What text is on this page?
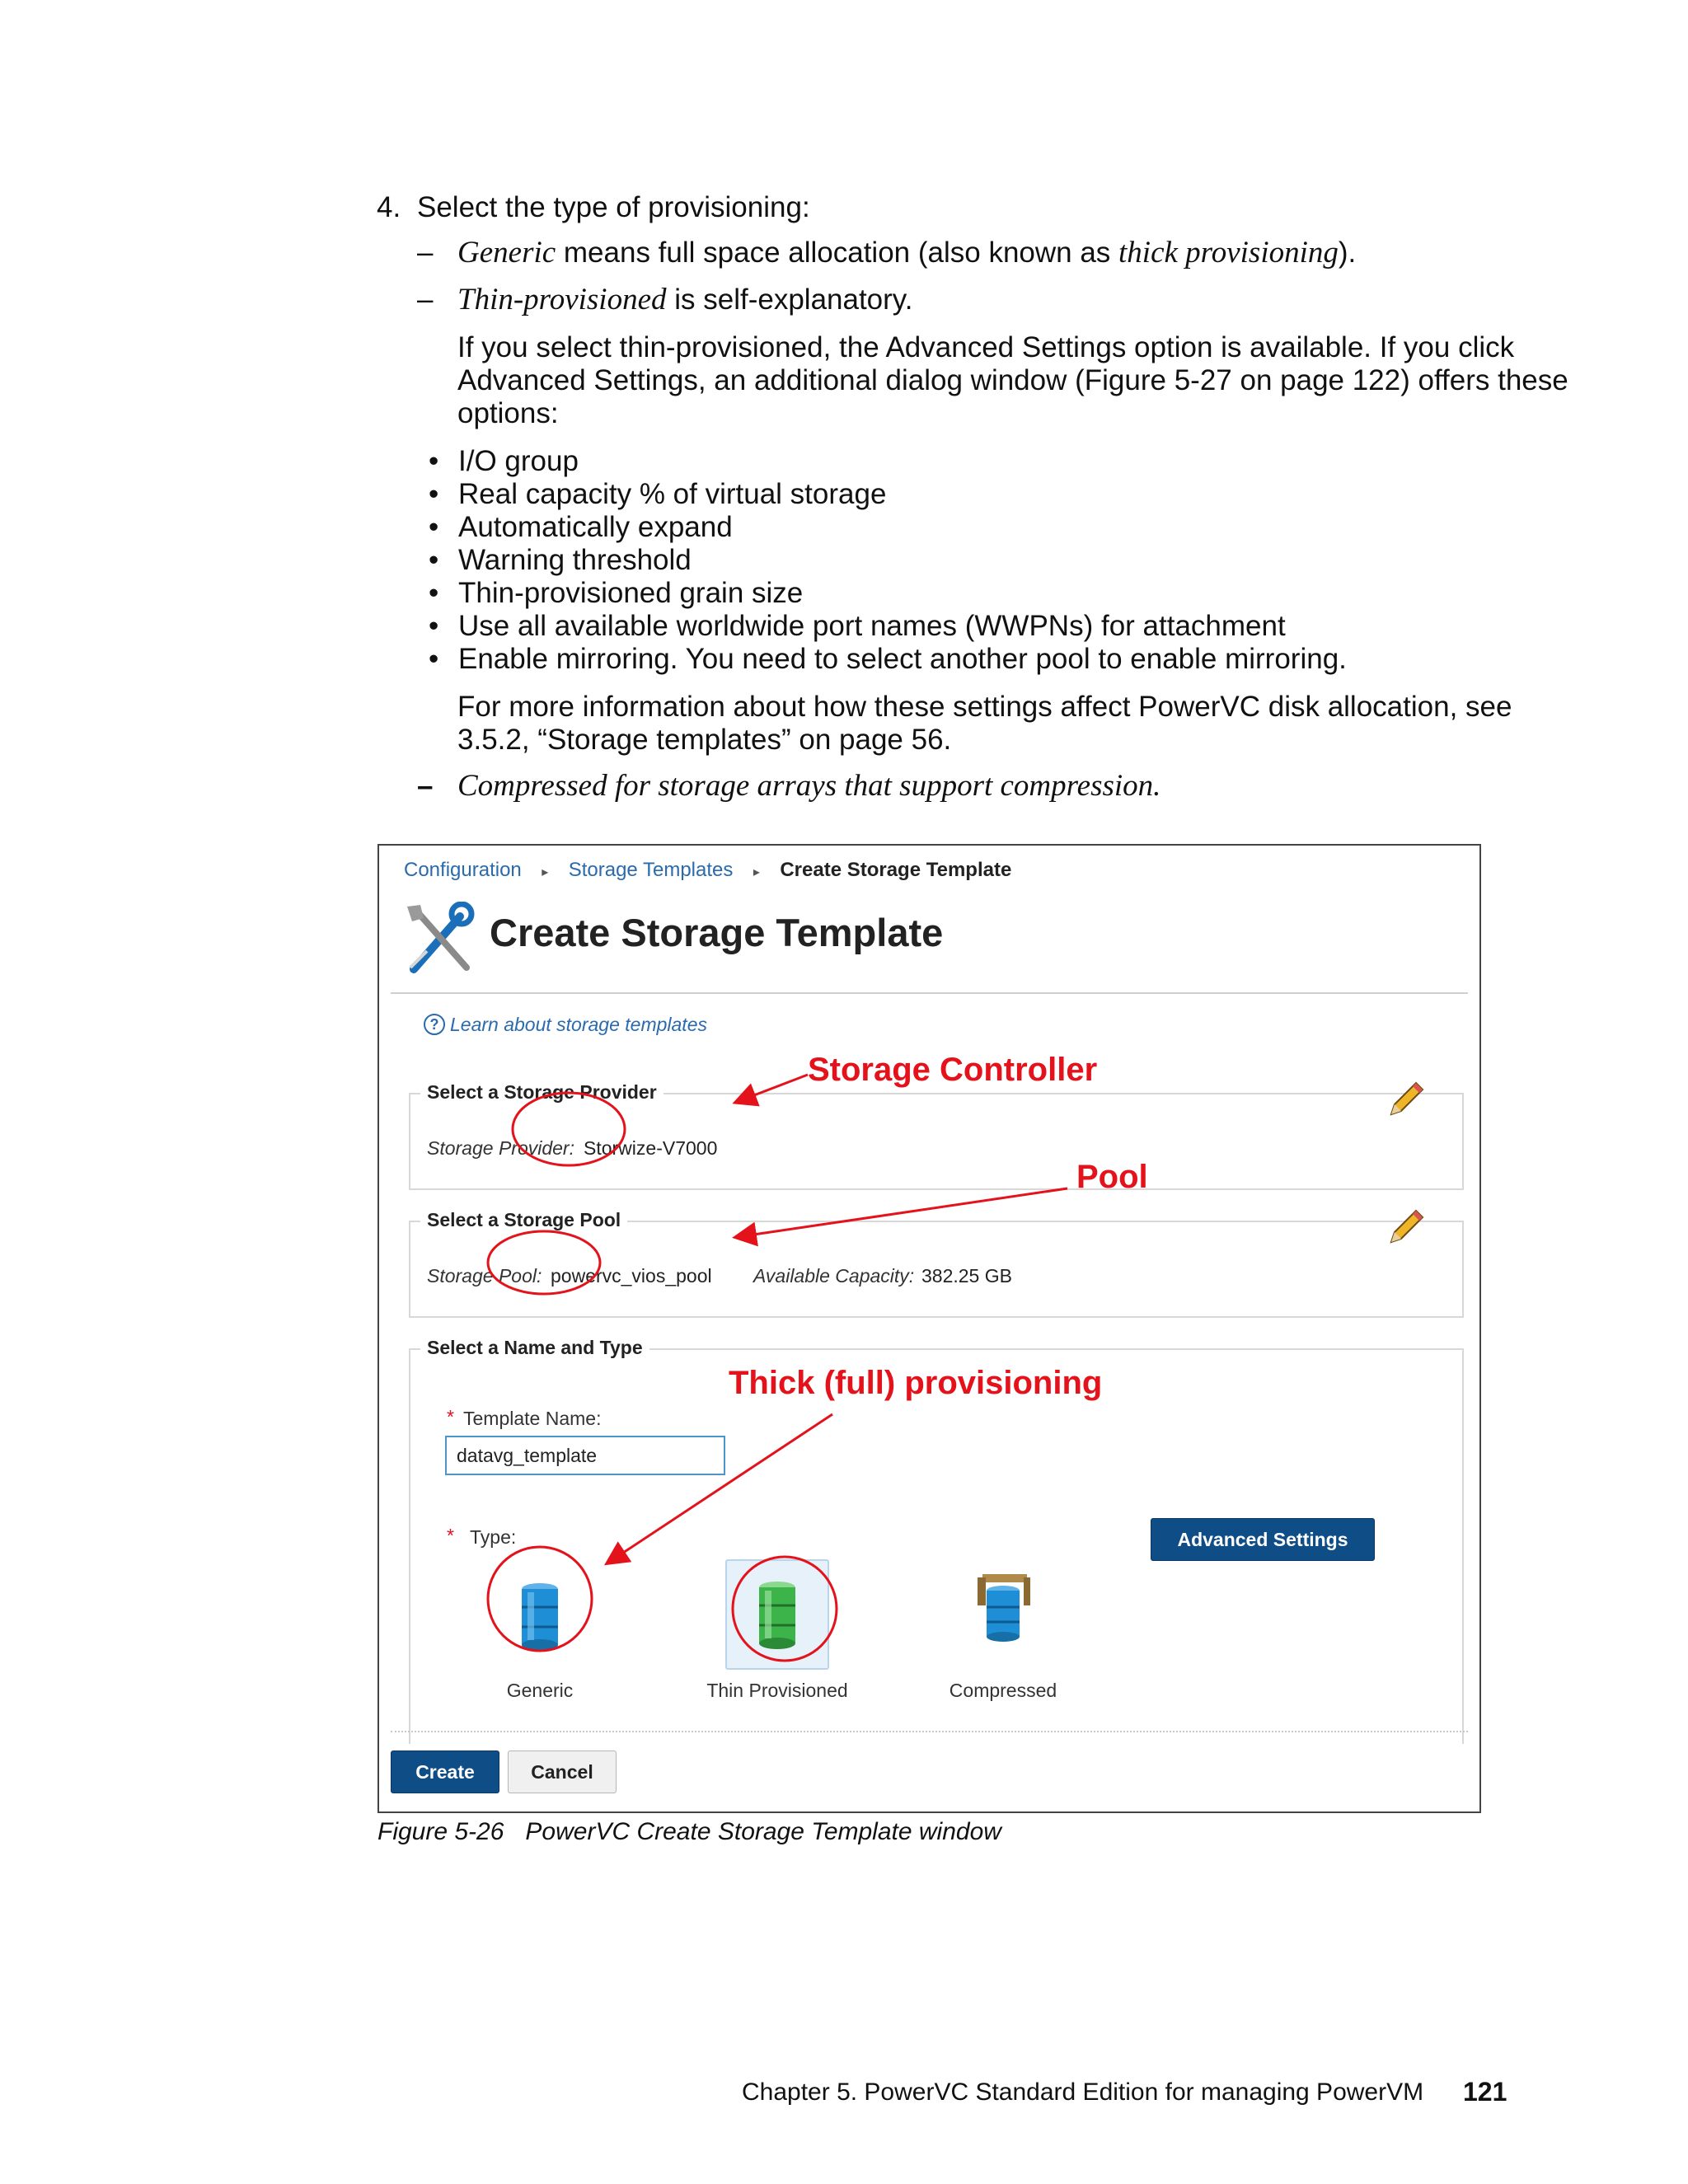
4. Select the type of provisioning:
– Generic means full space allocation (also known as thick provisioning).
– Thin-provisioned is self-explanatory.
If you select thin-provisioned, the Advanced Settings option is available. If you click
Advanced Settings, an additional dialog window (Figure 5-27 on page 122) offers these
options:
• I/O group
• Real capacity % of virtual storage
• Automatically expand
• Warning threshold
• Thin-provisioned grain size
• Use all available worldwide port names (WWPNs) for attachment
• Enable mirroring. You need to select another pool to enable mirroring.
For more information about how these settings affect PowerVC disk allocation, see
3.5.2, “Storage templates” on page 56.
– Compressed for storage arrays that support compression.
Configuration ▸ Storage Templates ▸ Create Storage Template
Create Storage Template
? Learn about storage templates
Select a Storage Provider
Storage Provider: Storwize-V7000
Select a Storage Pool
Storage Pool: powervc_vios_pool Available Capacity: 382.25 GB
Select a Name and Type
* Template Name:
datavg_template
* Type:	Advanced Settings
Generic	Thin Provisioned	Compressed
Create	Cancel
Storage Controller
Pool
Thick (full) provisioning
Figure 5-26 PowerVC Create Storage Template window
Chapter 5. PowerVC Standard Edition for managing PowerVM 121
